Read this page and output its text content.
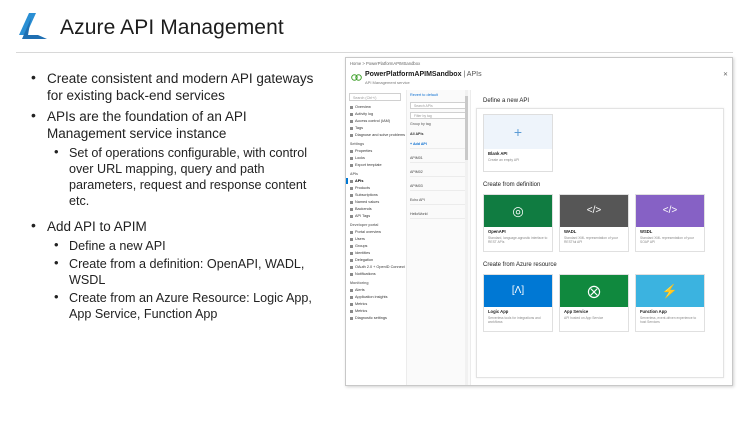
Azure API Management
• Create consistent and modern API gateways for existing back-end services
• APIs are the foundation of an API Management service instance
• Set of operations configurable, with control over URL mapping, query and path parameters, request and response content etc.
• Add API to APIM
• Define a new API
• Create from a definition: OpenAPI, WADL, WSDL
• Create from an Azure Resource: Logic App, App Service, Function App
Home > PowerPlatformAPIMSandbox
PowerPlatformAPIMSandbox | APIs
API Management service
✕
Search (Ctrl+/)
Overview
Activity log
Access control (IAM)
Tags
Diagnose and solve problems
Settings
Properties
Locks
Export template
APIs
APIs
Products
Subscriptions
Named values
Backends
API Tags
Developer portal
Portal overview
Users
Groups
Identities
Delegation
OAuth 2.0 + OpenID Connect
Notifications
Monitoring
Alerts
Application insights
Metrics
Metrics
Diagnostic settings
Revert to default
Search APIs
Filter by tag
Group by tag
All APIs
+ Add API
APIM01
APIM02
APIM03
Echo API
HelloWorld
Define a new API
+
Blank API
Create an empty API
Create from definition
◎
OpenAPI
Standard, language-agnostic interface to REST APIs
</>
WADL
Standard XML representation of your RESTful API
</>
WSDL
Standard XML representation of your SOAP API
Create from Azure resource
[Λ]
Logic App
Serverless tools for integrations and workflows
⨂
App Service
API hosted on App Service
⚡
Function App
Serverless, event-driven experience to host Services
